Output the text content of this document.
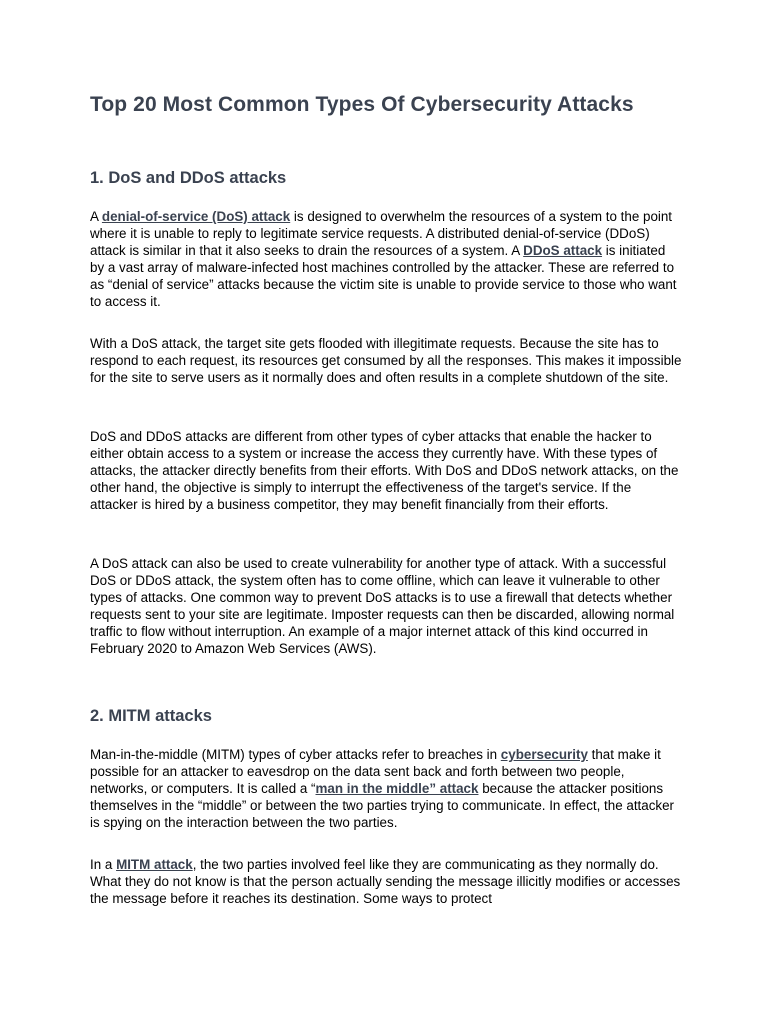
Top 20 Most Common Types Of Cybersecurity Attacks
1. DoS and DDoS attacks

A denial-of-service (DoS) attack is designed to overwhelm the resources of a system to the point where it is unable to reply to legitimate service requests. A distributed denial-of-service (DDoS) attack is similar in that it also seeks to drain the resources of a system. A DDoS attack is initiated by a vast array of malware-infected host machines controlled by the attacker. These are referred to as “denial of service” attacks because the victim site is unable to provide service to those who want to access it.

With a DoS attack, the target site gets flooded with illegitimate requests. Because the site has to respond to each request, its resources get consumed by all the responses. This makes it impossible for the site to serve users as it normally does and often results in a complete shutdown of the site.

DoS and DDoS attacks are different from other types of cyber attacks that enable the hacker to either obtain access to a system or increase the access they currently have. With these types of attacks, the attacker directly benefits from their efforts. With DoS and DDoS network attacks, on the other hand, the objective is simply to interrupt the effectiveness of the target's service. If the attacker is hired by a business competitor, they may benefit financially from their efforts.

A DoS attack can also be used to create vulnerability for another type of attack. With a successful DoS or DDoS attack, the system often has to come offline, which can leave it vulnerable to other types of attacks. One common way to prevent DoS attacks is to use a firewall that detects whether requests sent to your site are legitimate. Imposter requests can then be discarded, allowing normal traffic to flow without interruption. An example of a major internet attack of this kind occurred in February 2020 to Amazon Web Services (AWS).

2. MITM attacks

Man-in-the-middle (MITM) types of cyber attacks refer to breaches in cybersecurity that make it possible for an attacker to eavesdrop on the data sent back and forth between two people, networks, or computers. It is called a “man in the middle” attack because the attacker positions themselves in the “middle” or between the two parties trying to communicate. In effect, the attacker is spying on the interaction between the two parties.

In a MITM attack, the two parties involved feel like they are communicating as they normally do. What they do not know is that the person actually sending the message illicitly modifies or accesses the message before it reaches its destination. Some ways to protect
